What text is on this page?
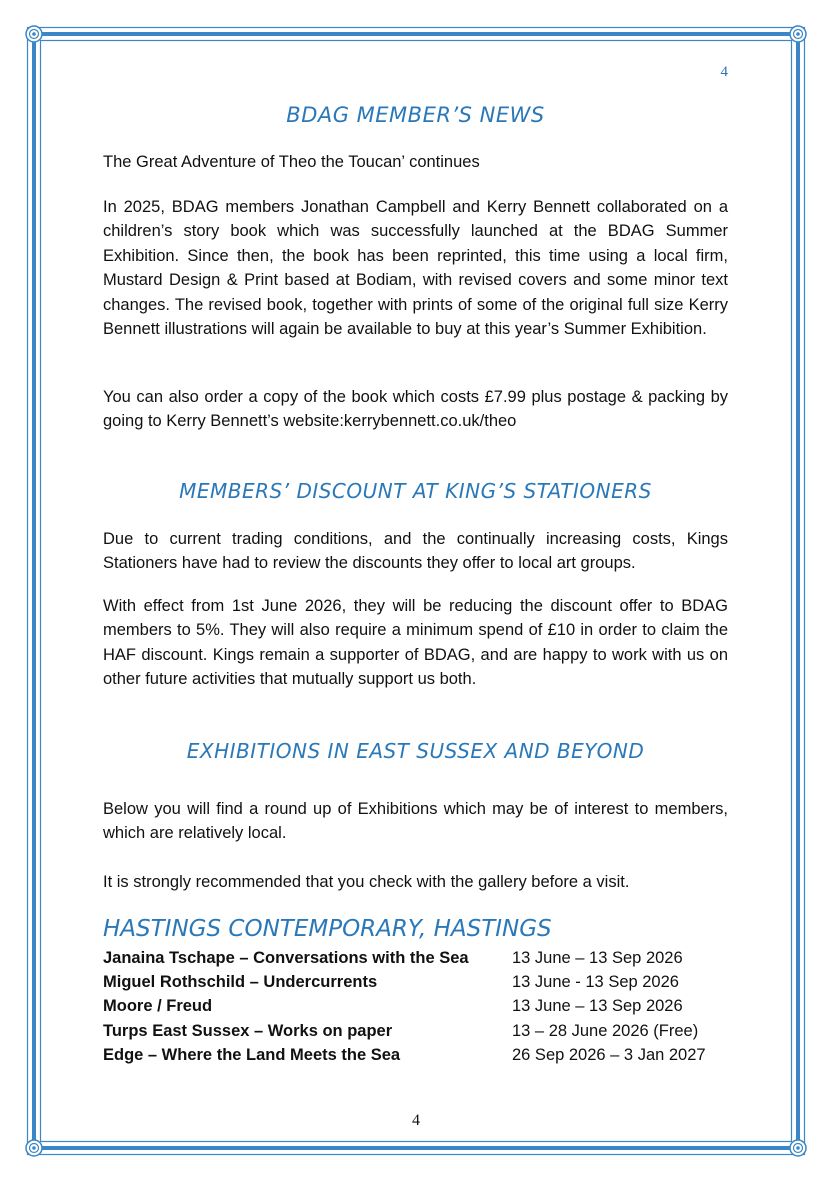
4
BDAG MEMBER’S NEWS

The Great Adventure of Theo the Toucan’ continues

In 2025, BDAG members Jonathan Campbell and Kerry Bennett collaborated on a children’s story book which was successfully launched at the BDAG Summer Exhibition. Since then, the book has been reprinted, this time using a local firm, Mustard Design & Print based at Bodiam, with revised covers and some minor text changes. The revised book, together with prints of some of the original full size Kerry Bennett illustrations will again be available to buy at this year’s Summer Exhibition.

You can also order a copy of the book which costs £7.99 plus postage & packing by going to Kerry Bennett’s website:kerrybennett.co.uk/theo

MEMBERS’ DISCOUNT AT KING’S STATIONERS

Due to current trading conditions, and the continually increasing costs, Kings Stationers have had to review the discounts they offer to local art groups.

With effect from 1st June 2026, they will be reducing the discount offer to BDAG members to 5%. They will also require a minimum spend of £10 in order to claim the HAF discount. Kings remain a supporter of BDAG, and are happy to work with us on other future activities that mutually support us both.

EXHIBITIONS IN EAST SUSSEX AND BEYOND

Below you will find a round up of Exhibitions which may be of interest to members, which are relatively local.

It is strongly recommended that you check with the gallery before a visit.

HASTINGS CONTEMPORARY, HASTINGS
Janaina Tschape – Conversations with the Sea	13 June – 13 Sep 2026
Miguel Rothschild – Undercurrents	13 June - 13 Sep 2026
Moore / Freud	13 June – 13 Sep 2026
Turps East Sussex – Works on paper	13 – 28 June 2026 (Free)
Edge – Where the Land Meets the Sea	26 Sep 2026 – 3 Jan 2027
4
